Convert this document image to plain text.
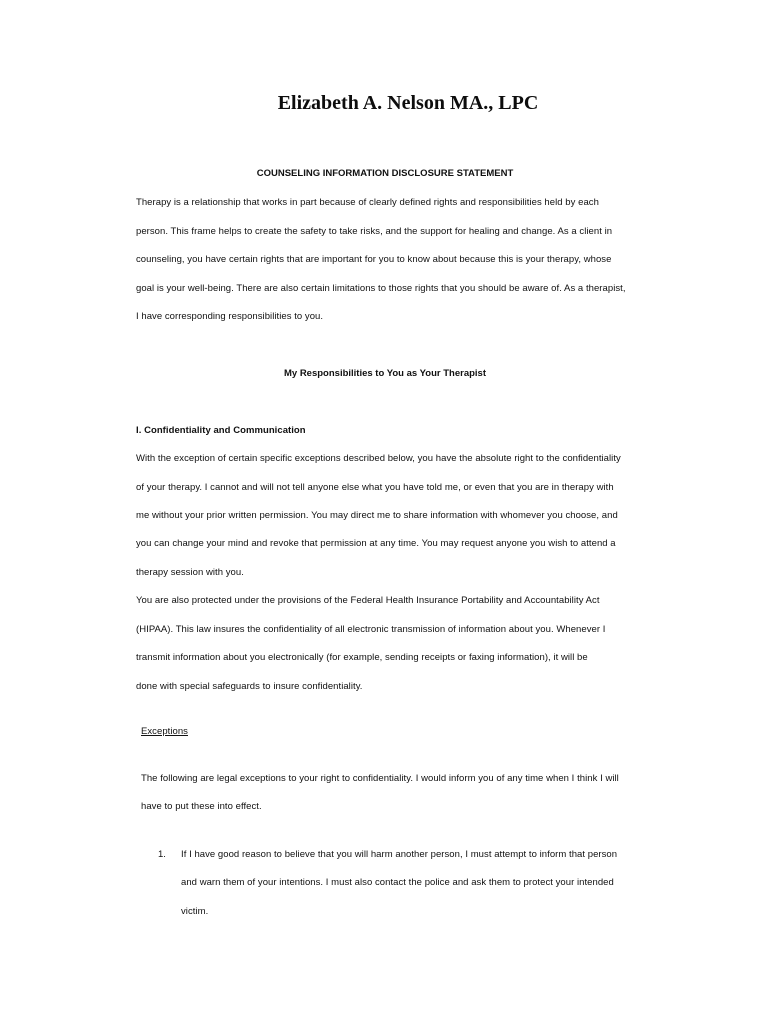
Elizabeth A. Nelson MA., LPC
COUNSELING INFORMATION DISCLOSURE STATEMENT
Therapy is a relationship that works in part because of clearly defined rights and responsibilities held by each
person. This frame helps to create the safety to take risks, and the support for healing and change. As a client in
counseling, you have certain rights that are important for you to know about because this is your therapy, whose
goal is your well-being. There are also certain limitations to those rights that you should be aware of. As a therapist,
I have corresponding responsibilities to you.
My Responsibilities to You as Your Therapist
I. Confidentiality and Communication
With the exception of certain specific exceptions described below, you have the absolute right to the confidentiality
of your therapy. I cannot and will not tell anyone else what you have told me, or even that you are in therapy with
me without your prior written permission. You may direct me to share information with whomever you choose, and
you can change your mind and revoke that permission at any time. You may request anyone you wish to attend a
therapy session with you.
You are also protected under the provisions of the Federal Health Insurance Portability and Accountability Act
(HIPAA). This law insures the confidentiality of all electronic transmission of information about you. Whenever I
transmit information about you electronically (for example, sending receipts or faxing information), it will be
done with special safeguards to insure confidentiality.
Exceptions
The following are legal exceptions to your right to confidentiality. I would inform you of any time when I think I will
have to put these into effect.
1. If I have good reason to believe that you will harm another person, I must attempt to inform that person
and warn them of your intentions. I must also contact the police and ask them to protect your intended
victim.
